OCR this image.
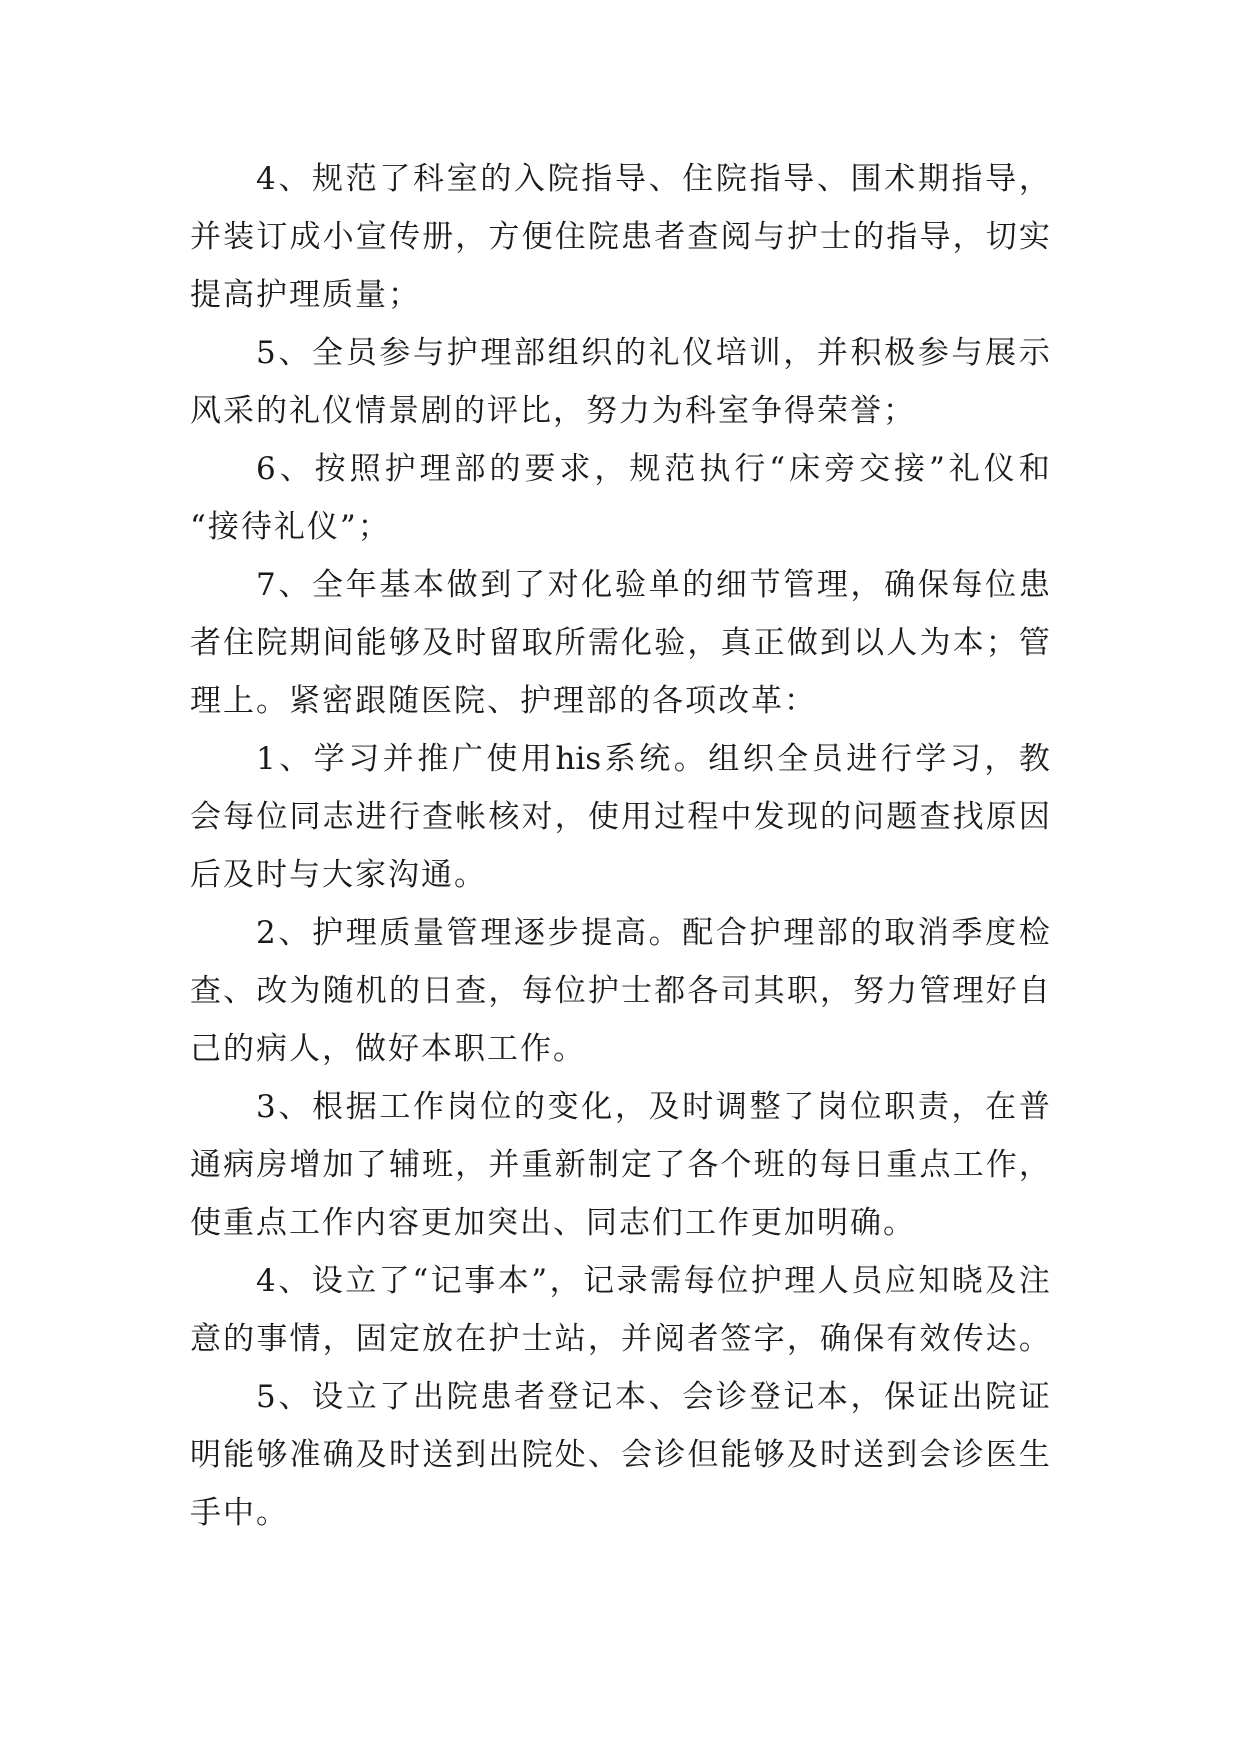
4 、 规 范 了 科 室 的 入 院 指 导 、 住 院 指 导 、 围 术 期 指 导 ，
并 装 订 成 小 宣 传 册 ， 方 便 住 院 患 者 查 阅 与 护 士 的 指 导 ， 切 实
提高护理质量；
5 、 全 员 参 与 护 理 部 组 织 的 礼 仪 培 训 ， 并 积 极 参 与 展 示
风采的礼仪情景剧的评比，努力为科室争得荣誉；
6 、 按 照 护 理 部 的 要 求 ， 规 范 执 行 “ 床 旁 交 接 ” 礼 仪 和
“接待礼仪”；
7 、 全 年 基 本 做 到 了 对 化 验 单 的 细 节 管 理 ， 确 保 每 位 患
者 住 院 期 间 能 够 及 时 留 取 所 需 化 验 ， 真 正 做 到 以 人 为 本 ； 管
理上。紧密跟随医院、护理部的各项改革：
1 、 学 习 并 推 广 使 用 his 系 统 。 组 织 全 员 进 行 学 习 ， 教
会 每 位 同 志 进 行 查 帐 核 对 ， 使 用 过 程 中 发 现 的 问 题 查 找 原 因
后及时与大家沟通。
2 、 护 理 质 量 管 理 逐 步 提 高 。 配 合 护 理 部 的 取 消 季 度 检
查 、 改 为 随 机 的 日 查 ， 每 位 护 士 都 各 司 其 职 ， 努 力 管 理 好 自
己的病人，做好本职工作。
3 、 根 据 工 作 岗 位 的 变 化 ， 及 时 调 整 了 岗 位 职 责 ， 在 普
通 病 房 增 加 了 辅 班 ， 并 重 新 制 定 了 各 个 班 的 每 日 重 点 工 作 ，
使重点工作内容更加突出、同志们工作更加明确。
4 、 设 立 了 “ 记 事 本 ” ， 记 录 需 每 位 护 理 人 员 应 知 晓 及 注
意 的 事 情 ， 固 定 放 在 护 士 站 ， 并 阅 者 签 字 ， 确 保 有 效 传 达 。
5 、 设 立 了 出 院 患 者 登 记 本 、 会 诊 登 记 本 ， 保 证 出 院 证
明 能 够 准 确 及 时 送 到 出 院 处 、 会 诊 但 能 够 及 时 送 到 会 诊 医 生
手中。
